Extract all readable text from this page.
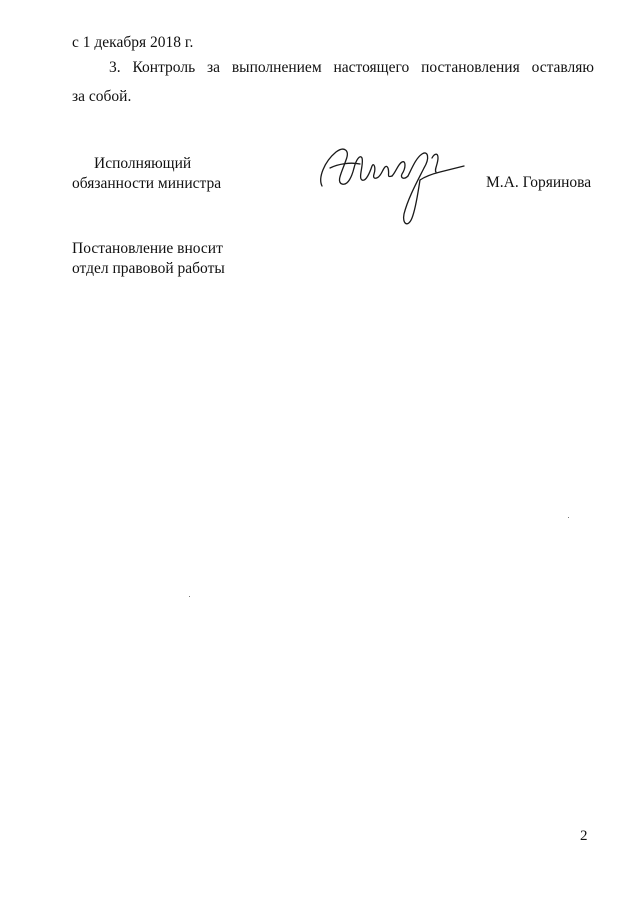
с 1 декабря 2018 г.
3. Контроль за выполнением настоящего постановления оставляю
за собой.
Исполняющий
обязанности министра	М.А. Горяинова
Постановление вносит
отдел правовой работы
2
